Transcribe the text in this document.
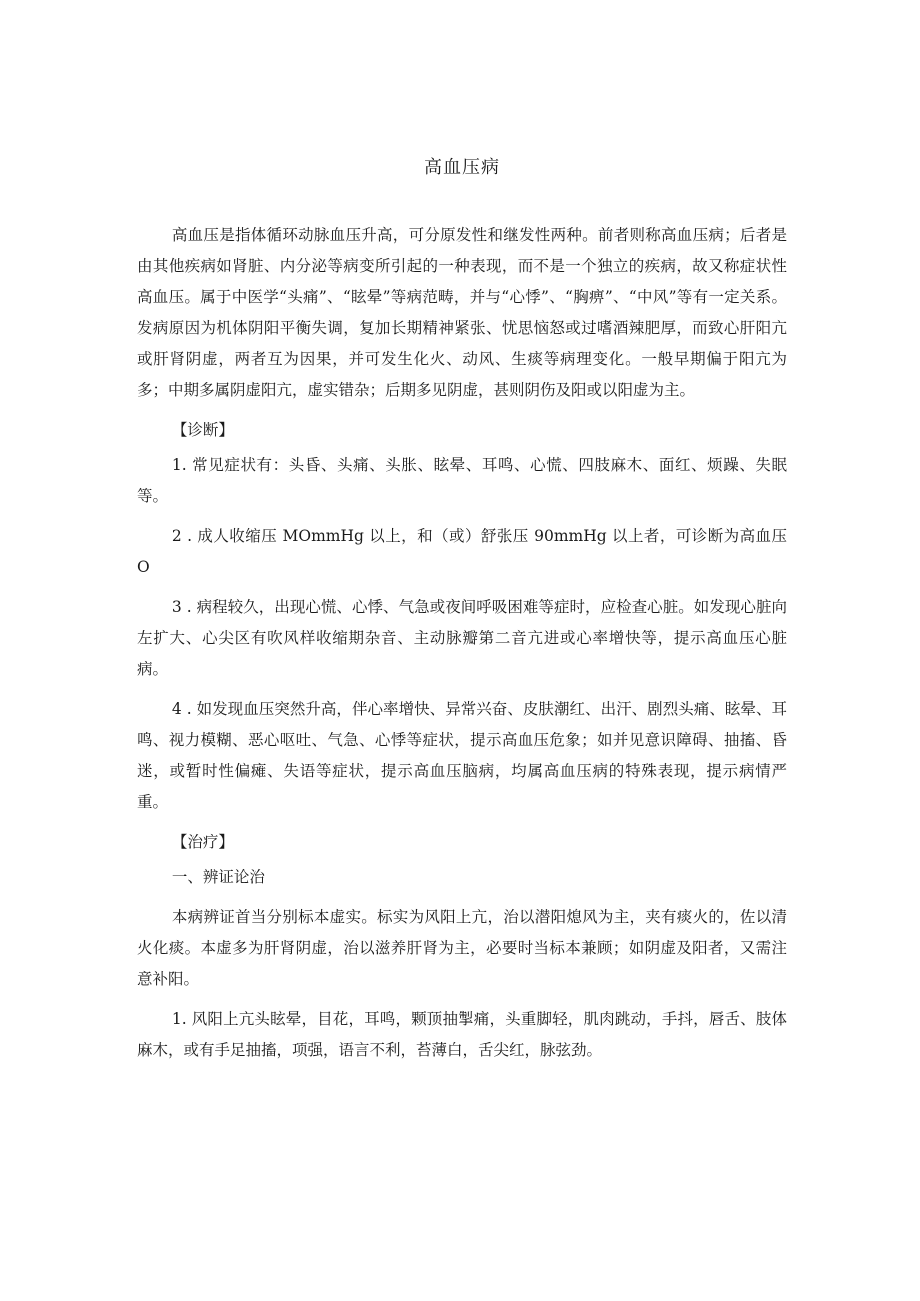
高血压病

高血压是指体循环动脉血压升高，可分原发性和继发性两种。前者则称高血压病；后者是由其他疾病如肾脏、内分泌等病变所引起的一种表现，而不是一个独立的疾病，故又称症状性高血压。属于中医学“头痛”、“眩晕”等病范畴，并与“心悸”、“胸痹”、“中风”等有一定关系。发病原因为机体阴阳平衡失调，复加长期精神紧张、忧思恼怒或过嗜酒辣肥厚，而致心肝阳亢或肝肾阴虚，两者互为因果，并可发生化火、动风、生痰等病理变化。一般早期偏于阳亢为多；中期多属阴虚阳亢，虚实错杂；后期多见阴虚，甚则阴伤及阳或以阳虚为主。

【诊断】

1. 常见症状有：头昏、头痛、头胀、眩晕、耳鸣、心慌、四肢麻木、面红、烦躁、失眠等。

2 . 成人收缩压 MOmmHg 以上，和（或）舒张压 90mmHg 以上者，可诊断为高血压 O

3 . 病程较久，出现心慌、心悸、气急或夜间呼吸困难等症时，应检查心脏。如发现心脏向左扩大、心尖区有吹风样收缩期杂音、主动脉瓣第二音亢进或心率增快等，提示高血压心脏病。

4 . 如发现血压突然升高，伴心率增快、异常兴奋、皮肤潮红、出汗、剧烈头痛、眩晕、耳鸣、视力模糊、恶心呕吐、气急、心悸等症状，提示高血压危象；如并见意识障碍、抽搐、昏迷，或暂时性偏瘫、失语等症状，提示高血压脑病，均属高血压病的特殊表现，提示病情严重。

【治疗】
一、辨证论治

本病辨证首当分别标本虚实。标实为风阳上亢，治以潜阳熄风为主，夹有痰火的，佐以清火化痰。本虚多为肝肾阴虚，治以滋养肝肾为主，必要时当标本兼顾；如阴虚及阳者，又需注意补阳。

1. 风阳上亢头眩晕，目花，耳鸣，颗顶抽掣痛，头重脚轻，肌肉跳动，手抖，唇舌、肢体麻木，或有手足抽搐，项强，语言不利，苔薄白，舌尖红，脉弦劲。
